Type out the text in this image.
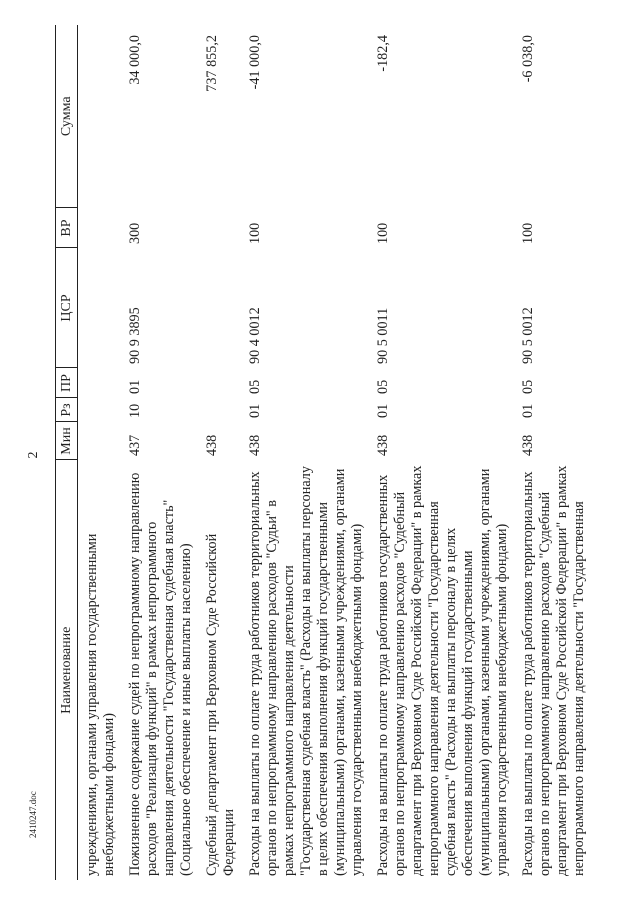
2
2410247.doc
Наименование	Мин	Рз	ПР	ЦСР	ВР	Сумма
учреждениями, органами управления государственными внебюджетными фондами)						
Пожизненное содержание судей по непрограммному направлению расходов "Реализация функций" в рамках непрограммного направления деятельности "Государственная судебная власть" (Социальное обеспечение и иные выплаты населению)	437	10	01	90 9 3895	300	34 000,0
Судебный департамент при Верховном Суде Российской Федерации	438					737 855,2
Расходы на выплаты по оплате труда работников территориальных органов по непрограммному направлению расходов "Судьи" в рамках непрограммного направления деятельности "Государственная судебная власть" (Расходы на выплаты персоналу в целях обеспечения выполнения функций государственными (муниципальными) органами, казенными учреждениями, органами управления государственными внебюджетными фондами)	438	01	05	90 4 0012	100	-41 000,0
Расходы на выплаты по оплате труда работников государственных органов по непрограммному направлению расходов "Судебный департамент при Верховном Суде Российской Федерации" в рамках непрограммного направления деятельности "Государственная судебная власть" (Расходы на выплаты персоналу в целях обеспечения выполнения функций государственными (муниципальными) органами, казенными учреждениями, органами управления государственными внебюджетными фондами)	438	01	05	90 5 0011	100	-182,4
Расходы на выплаты по оплате труда работников территориальных органов по непрограммному направлению расходов "Судебный департамент при Верховном Суде Российской Федерации" в рамках непрограммного направления деятельности "Государственная	438	01	05	90 5 0012	100	-6 038,0
